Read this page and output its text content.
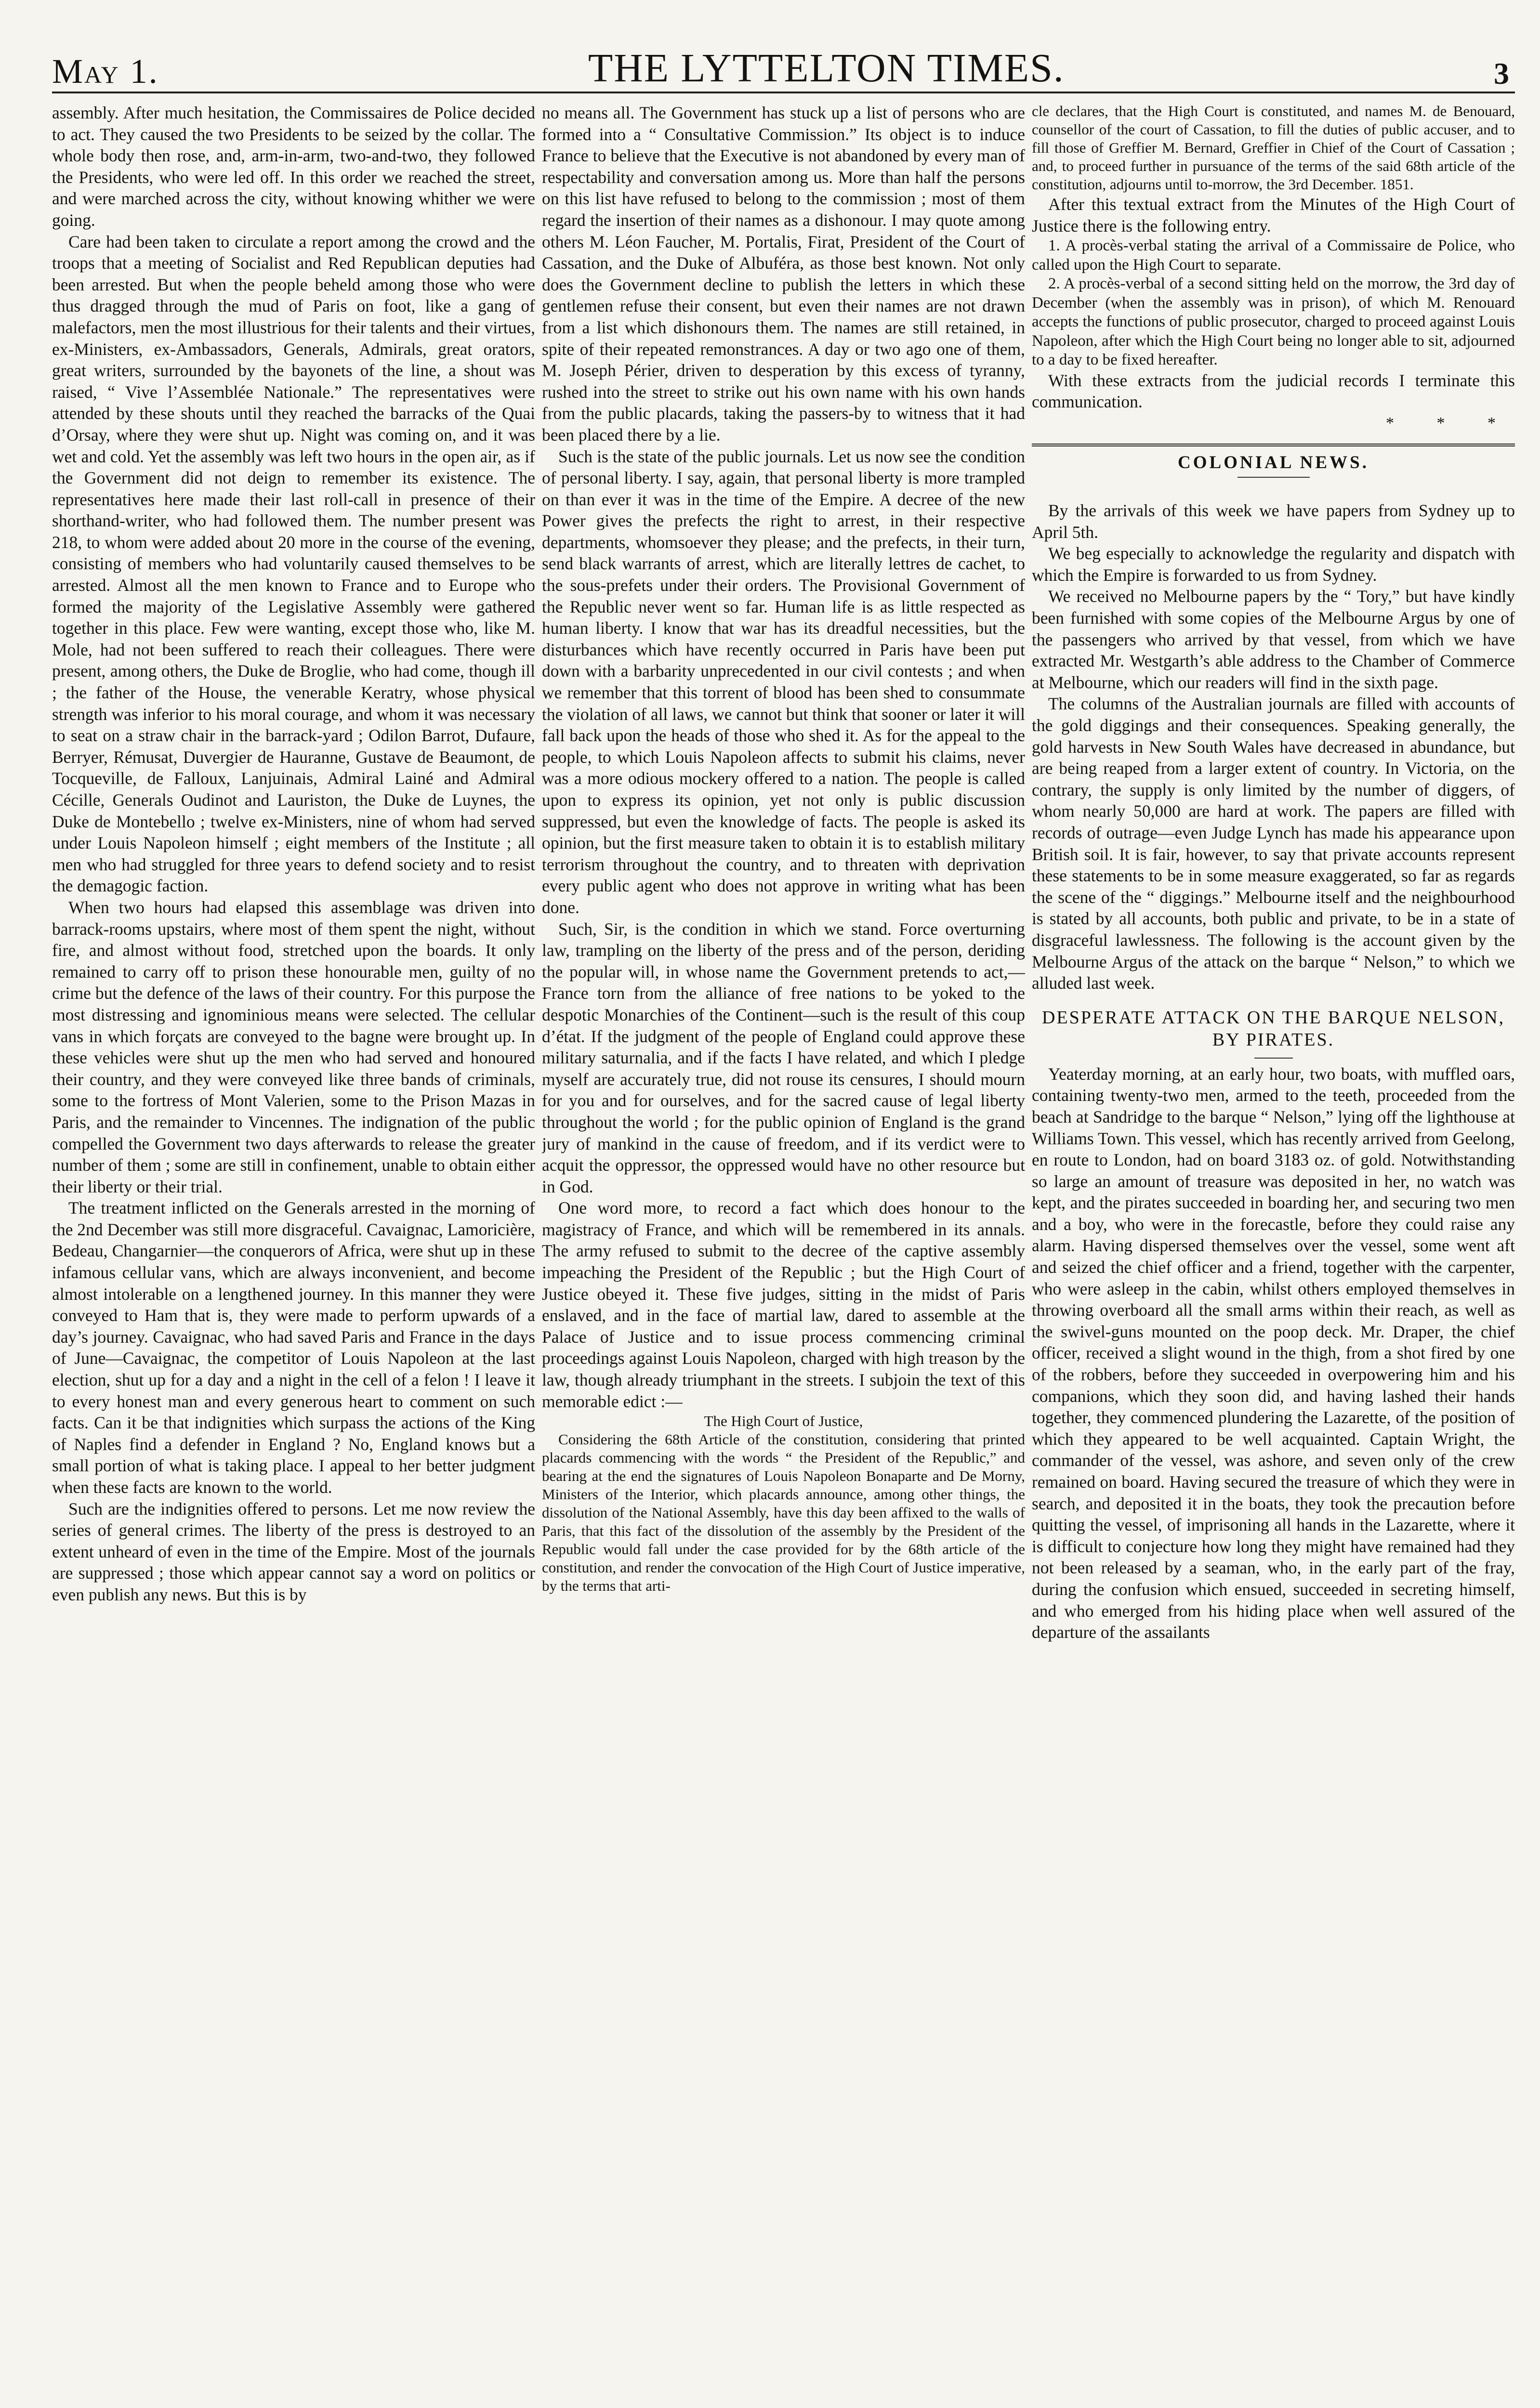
May 1.	THE LYTTELTON TIMES.	3

assembly. After much hesitation, the Commissaires de Police decided to act. They caused the two Presidents to be seized by the collar. The whole body then rose, and, arm-in-arm, two-and-two, they followed the Presidents, who were led off. In this order we reached the street, and were marched across the city, without knowing whither we were going.

Care had been taken to circulate a report among the crowd and the troops that a meeting of Socialist and Red Republican deputies had been arrested. But when the people beheld among those who were thus dragged through the mud of Paris on foot, like a gang of malefactors, men the most illustrious for their talents and their virtues, ex-Ministers, ex-Ambassadors, Generals, Admirals, great orators, great writers, surrounded by the bayonets of the line, a shout was raised, “ Vive l’Assemblée Nationale.” The representatives were attended by these shouts until they reached the barracks of the Quai d’Orsay, where they were shut up. Night was coming on, and it was wet and cold. Yet the assembly was left two hours in the open air, as if the Government did not deign to remember its existence. The representatives here made their last roll-call in presence of their shorthand-writer, who had followed them. The number present was 218, to whom were added about 20 more in the course of the evening, consisting of members who had voluntarily caused themselves to be arrested. Almost all the men known to France and to Europe who formed the majority of the Legislative Assembly were gathered together in this place. Few were wanting, except those who, like M. Mole, had not been suffered to reach their colleagues. There were present, among others, the Duke de Broglie, who had come, though ill ; the father of the House, the venerable Keratry, whose physical strength was inferior to his moral courage, and whom it was necessary to seat on a straw chair in the barrack-yard ; Odilon Barrot, Dufaure, Berryer, Rémusat, Duvergier de Hauranne, Gustave de Beaumont, de Tocqueville, de Falloux, Lanjuinais, Admiral Lainé and Admiral Cécille, Generals Oudinot and Lauriston, the Duke de Luynes, the Duke de Montebello ; twelve ex-Ministers, nine of whom had served under Louis Napoleon himself ; eight members of the Institute ; all men who had struggled for three years to defend society and to resist the demagogic faction.

When two hours had elapsed this assemblage was driven into barrack-rooms upstairs, where most of them spent the night, without fire, and almost without food, stretched upon the boards. It only remained to carry off to prison these honourable men, guilty of no crime but the defence of the laws of their country. For this purpose the most distressing and ignominious means were selected. The cellular vans in which forçats are conveyed to the bagne were brought up. In these vehicles were shut up the men who had served and honoured their country, and they were conveyed like three bands of criminals, some to the fortress of Mont Valerien, some to the Prison Mazas in Paris, and the remainder to Vincennes. The indignation of the public compelled the Government two days afterwards to release the greater number of them ; some are still in confinement, unable to obtain either their liberty or their trial.

The treatment inflicted on the Generals arrested in the morning of the 2nd December was still more disgraceful. Cavaignac, Lamoricière, Bedeau, Changarnier—the conquerors of Africa, were shut up in these infamous cellular vans, which are always inconvenient, and become almost intolerable on a lengthened journey. In this manner they were conveyed to Ham that is, they were made to perform upwards of a day’s journey. Cavaignac, who had saved Paris and France in the days of June—Cavaignac, the competitor of Louis Napoleon at the last election, shut up for a day and a night in the cell of a felon ! I leave it to every honest man and every generous heart to comment on such facts. Can it be that indignities which surpass the actions of the King of Naples find a defender in England ? No, England knows but a small portion of what is taking place. I appeal to her better judgment when these facts are known to the world.

Such are the indignities offered to persons. Let me now review the series of general crimes. The liberty of the press is destroyed to an extent unheard of even in the time of the Empire. Most of the journals are suppressed ; those which appear cannot say a word on politics or even publish any news. But this is by

no means all. The Government has stuck up a list of persons who are formed into a “ Consultative Commission.” Its object is to induce France to believe that the Executive is not abandoned by every man of respectability and conversation among us. More than half the persons on this list have refused to belong to the commission ; most of them regard the insertion of their names as a dishonour. I may quote among others M. Léon Faucher, M. Portalis, Firat, President of the Court of Cassation, and the Duke of Albuféra, as those best known. Not only does the Government decline to publish the letters in which these gentlemen refuse their consent, but even their names are not drawn from a list which dishonours them. The names are still retained, in spite of their repeated remonstrances. A day or two ago one of them, M. Joseph Périer, driven to desperation by this excess of tyranny, rushed into the street to strike out his own name with his own hands from the public placards, taking the passers-by to witness that it had been placed there by a lie.

Such is the state of the public journals. Let us now see the condition of personal liberty. I say, again, that personal liberty is more trampled on than ever it was in the time of the Empire. A decree of the new Power gives the prefects the right to arrest, in their respective departments, whomsoever they please; and the prefects, in their turn, send black warrants of arrest, which are literally lettres de cachet, to the sous-prefets under their orders. The Provisional Government of the Republic never went so far. Human life is as little respected as human liberty. I know that war has its dreadful necessities, but the disturbances which have recently occurred in Paris have been put down with a barbarity unprecedented in our civil contests ; and when we remember that this torrent of blood has been shed to consummate the violation of all laws, we cannot but think that sooner or later it will fall back upon the heads of those who shed it. As for the appeal to the people, to which Louis Napoleon affects to submit his claims, never was a more odious mockery offered to a nation. The people is called upon to express its opinion, yet not only is public discussion suppressed, but even the knowledge of facts. The people is asked its opinion, but the first measure taken to obtain it is to establish military terrorism throughout the country, and to threaten with deprivation every public agent who does not approve in writing what has been done.

Such, Sir, is the condition in which we stand. Force overturning law, trampling on the liberty of the press and of the person, deriding the popular will, in whose name the Government pretends to act,—France torn from the alliance of free nations to be yoked to the despotic Monarchies of the Continent—such is the result of this coup d’état. If the judgment of the people of England could approve these military saturnalia, and if the facts I have related, and which I pledge myself are accurately true, did not rouse its censures, I should mourn for you and for ourselves, and for the sacred cause of legal liberty throughout the world ; for the public opinion of England is the grand jury of mankind in the cause of freedom, and if its verdict were to acquit the oppressor, the oppressed would have no other resource but in God.

One word more, to record a fact which does honour to the magistracy of France, and which will be remembered in its annals. The army refused to submit to the decree of the captive assembly impeaching the President of the Republic ; but the High Court of Justice obeyed it. These five judges, sitting in the midst of Paris enslaved, and in the face of martial law, dared to assemble at the Palace of Justice and to issue process commencing criminal proceedings against Louis Napoleon, charged with high treason by the law, though already triumphant in the streets. I subjoin the text of this memorable edict :—

The High Court of Justice,

Considering the 68th Article of the constitution, considering that printed placards commencing with the words “ the President of the Republic,” and bearing at the end the signatures of Louis Napoleon Bonaparte and De Morny, Ministers of the Interior, which placards announce, among other things, the dissolution of the National Assembly, have this day been affixed to the walls of Paris, that this fact of the dissolution of the assembly by the President of the Republic would fall under the case provided for by the 68th article of the constitution, and render the convocation of the High Court of Justice imperative, by the terms that arti-

cle declares, that the High Court is constituted, and names M. de Benouard, counsellor of the court of Cassation, to fill the duties of public accuser, and to fill those of Greffier M. Bernard, Greffier in Chief of the Court of Cassation ; and, to proceed further in pursuance of the terms of the said 68th article of the constitution, adjourns until to-morrow, the 3rd December. 1851.

After this textual extract from the Minutes of the High Court of Justice there is the following entry.

1. A procès-verbal stating the arrival of a Commissaire de Police, who called upon the High Court to separate.

2. A procès-verbal of a second sitting held on the morrow, the 3rd day of December (when the assembly was in prison), of which M. Renouard accepts the functions of public prosecutor, charged to proceed against Louis Napoleon, after which the High Court being no longer able to sit, adjourned to a day to be fixed hereafter.

With these extracts from the judicial records I terminate this communication.

* * *
COLONIAL NEWS.

By the arrivals of this week we have papers from Sydney up to April 5th.

We beg especially to acknowledge the regularity and dispatch with which the Empire is forwarded to us from Sydney.

We received no Melbourne papers by the “ Tory,” but have kindly been furnished with some copies of the Melbourne Argus by one of the passengers who arrived by that vessel, from which we have extracted Mr. Westgarth’s able address to the Chamber of Commerce at Melbourne, which our readers will find in the sixth page.

The columns of the Australian journals are filled with accounts of the gold diggings and their consequences. Speaking generally, the gold harvests in New South Wales have decreased in abundance, but are being reaped from a larger extent of country. In Victoria, on the contrary, the supply is only limited by the number of diggers, of whom nearly 50,000 are hard at work. The papers are filled with records of outrage—even Judge Lynch has made his appearance upon British soil. It is fair, however, to say that private accounts represent these statements to be in some measure exaggerated, so far as regards the scene of the “ diggings.” Melbourne itself and the neighbourhood is stated by all accounts, both public and private, to be in a state of disgraceful lawlessness. The following is the account given by the Melbourne Argus of the attack on the barque “ Nelson,” to which we alluded last week.

DESPERATE ATTACK ON THE BARQUE NELSON, BY PIRATES.

Yeaterday morning, at an early hour, two boats, with muffled oars, containing twenty-two men, armed to the teeth, proceeded from the beach at Sandridge to the barque “ Nelson,” lying off the lighthouse at Williams Town. This vessel, which has recently arrived from Geelong, en route to London, had on board 3183 oz. of gold. Notwithstanding so large an amount of treasure was deposited in her, no watch was kept, and the pirates succeeded in boarding her, and securing two men and a boy, who were in the forecastle, before they could raise any alarm. Having dispersed themselves over the vessel, some went aft and seized the chief officer and a friend, together with the carpenter, who were asleep in the cabin, whilst others employed themselves in throwing overboard all the small arms within their reach, as well as the swivel-guns mounted on the poop deck. Mr. Draper, the chief officer, received a slight wound in the thigh, from a shot fired by one of the robbers, before they succeeded in overpowering him and his companions, which they soon did, and having lashed their hands together, they commenced plundering the Lazarette, of the position of which they appeared to be well acquainted. Captain Wright, the commander of the vessel, was ashore, and seven only of the crew remained on board. Having secured the treasure of which they were in search, and deposited it in the boats, they took the precaution before quitting the vessel, of imprisoning all hands in the Lazarette, where it is difficult to conjecture how long they might have remained had they not been released by a seaman, who, in the early part of the fray, during the confusion which ensued, succeeded in secreting himself, and who emerged from his hiding place when well assured of the departure of the assailants
